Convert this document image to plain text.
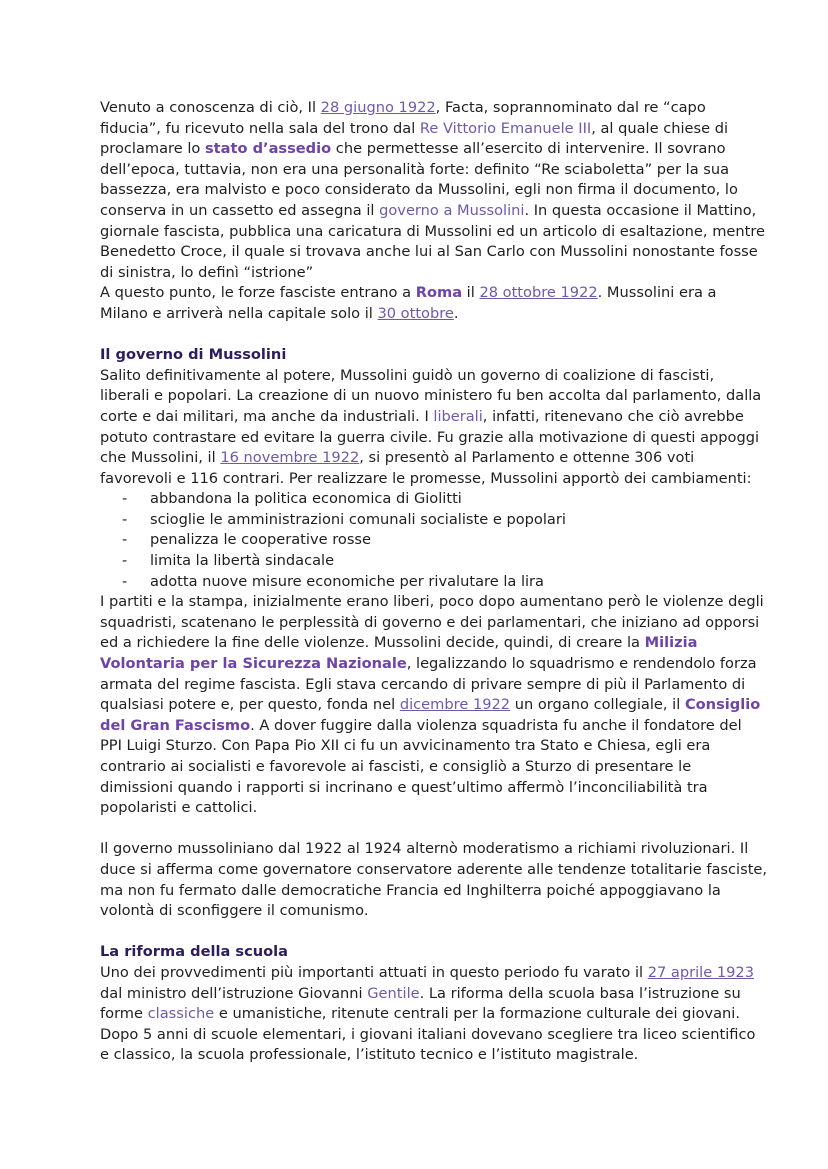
Venuto a conoscenza di ciò, Il 28 giugno 1922, Facta, soprannominato dal re “capo fiducia”, fu ricevuto nella sala del trono dal Re Vittorio Emanuele III, al quale chiese di proclamare lo stato d’assedio che permettesse all’esercito di intervenire. Il sovrano dell’epoca, tuttavia, non era una personalità forte: definito “Re sciaboletta” per la sua bassezza, era malvisto e poco considerato da Mussolini, egli non firma il documento, lo conserva in un cassetto ed assegna il governo a Mussolini. In questa occasione il Mattino, giornale fascista, pubblica una caricatura di Mussolini ed un articolo di esaltazione, mentre Benedetto Croce, il quale si trovava anche lui al San Carlo con Mussolini nonostante fosse di sinistra, lo definì “istrione”

A questo punto, le forze fasciste entrano a Roma il 28 ottobre 1922. Mussolini era a Milano e arriverà nella capitale solo il 30 ottobre.

Il governo di Mussolini

Salito definitivamente al potere, Mussolini guidò un governo di coalizione di fascisti, liberali e popolari. La creazione di un nuovo ministero fu ben accolta dal parlamento, dalla corte e dai militari, ma anche da industriali. I liberali, infatti, ritenevano che ciò avrebbe potuto contrastare ed evitare la guerra civile. Fu grazie alla motivazione di questi appoggi che Mussolini, il 16 novembre 1922, si presentò al Parlamento e ottenne 306 voti favorevoli e 116 contrari. Per realizzare le promesse, Mussolini apportò dei cambiamenti:

- abbandona la politica economica di Giolitti
- scioglie le amministrazioni comunali socialiste e popolari
- penalizza le cooperative rosse
- limita la libertà sindacale
- adotta nuove misure economiche per rivalutare la lira

I partiti e la stampa, inizialmente erano liberi, poco dopo aumentano però le violenze degli squadristi, scatenano le perplessità di governo e dei parlamentari, che iniziano ad opporsi ed a richiedere la fine delle violenze. Mussolini decide, quindi, di creare la Milizia Volontaria per la Sicurezza Nazionale, legalizzando lo squadrismo e rendendolo forza armata del regime fascista. Egli stava cercando di privare sempre di più il Parlamento di qualsiasi potere e, per questo, fonda nel dicembre 1922 un organo collegiale, il Consiglio del Gran Fascismo. A dover fuggire dalla violenza squadrista fu anche il fondatore del PPI Luigi Sturzo. Con Papa Pio XII ci fu un avvicinamento tra Stato e Chiesa, egli era contrario ai socialisti e favorevole ai fascisti, e consigliò a Sturzo di presentare le dimissioni quando i rapporti si incrinano e quest’ultimo affermò l’inconciliabilità tra popolaristi e cattolici.

Il governo mussoliniano dal 1922 al 1924 alternò moderatismo a richiami rivoluzionari. Il duce si afferma come governatore conservatore aderente alle tendenze totalitarie fasciste, ma non fu fermato dalle democratiche Francia ed Inghilterra poiché appoggiavano la volontà di sconfiggere il comunismo.

La riforma della scuola

Uno dei provvedimenti più importanti attuati in questo periodo fu varato il 27 aprile 1923 dal ministro dell’istruzione Giovanni Gentile. La riforma della scuola basa l’istruzione su forme classiche e umanistiche, ritenute centrali per la formazione culturale dei giovani. Dopo 5 anni di scuole elementari, i giovani italiani dovevano scegliere tra liceo scientifico e classico, la scuola professionale, l’istituto tecnico e l’istituto magistrale.
